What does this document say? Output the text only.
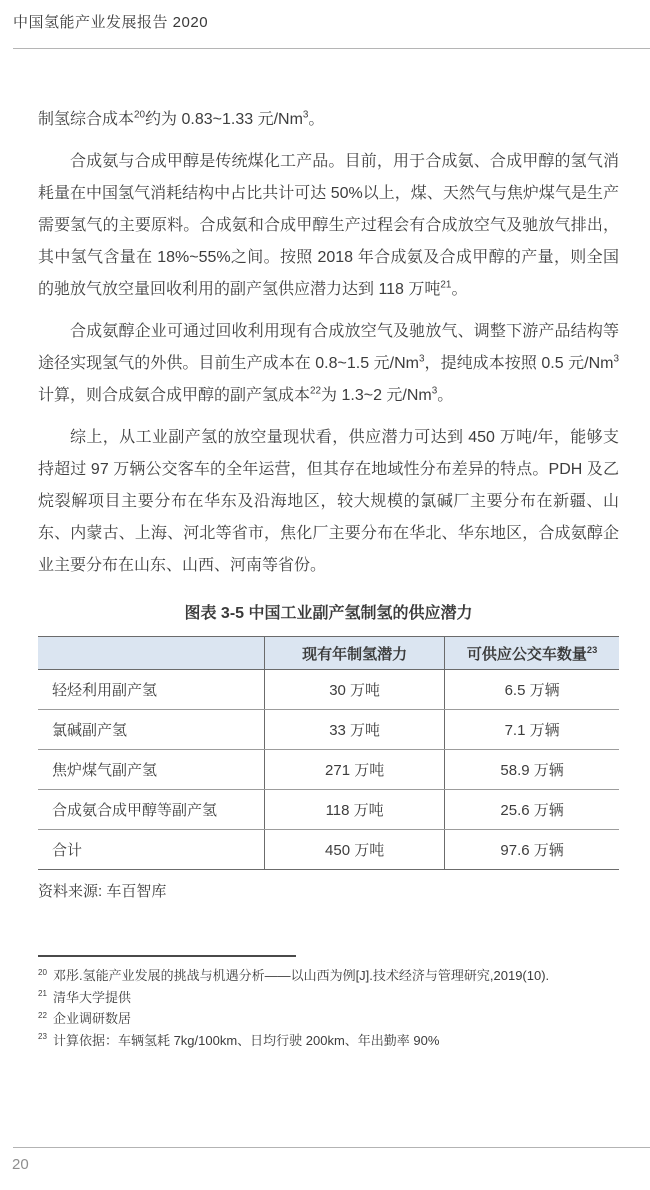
中国氢能产业发展报告 2020

制氢综合成本$^{20}$约为 0.83~1.33 元/Nm$^3$。

合成氨与合成甲醇是传统煤化工产品。目前，用于合成氨、合成甲醇的氢气消耗量在中国氢气消耗结构中占比共计可达 50%以上，煤、天然气与焦炉煤气是生产需要氢气的主要原料。合成氨和合成甲醇生产过程会有合成放空气及驰放气排出，其中氢气含量在 18%~55%之间。按照 2018 年合成氨及合成甲醇的产量，则全国的驰放气放空量回收利用的副产氢供应潜力达到 118 万吨$^{21}$。

合成氨醇企业可通过回收利用现有合成放空气及驰放气、调整下游产品结构等途径实现氢气的外供。目前生产成本在 0.8~1.5 元/Nm$^3$，提纯成本按照 0.5 元/Nm$^3$ 计算，则合成氨合成甲醇的副产氢成本$^{22}$为 1.3~2 元/Nm$^3$。

综上，从工业副产氢的放空量现状看，供应潜力可达到 450 万吨/年，能够支持超过 97 万辆公交客车的全年运营，但其存在地域性分布差异的特点。PDH 及乙烷裂解项目主要分布在华东及沿海地区，较大规模的氯碱厂主要分布在新疆、山东、内蒙古、上海、河北等省市，焦化厂主要分布在华北、华东地区，合成氨醇企业主要分布在山东、山西、河南等省份。

图表 3-5 中国工业副产氢制氢的供应潜力
	现有年制氢潜力	可供应公交车数量$^{23}$
轻烃利用副产氢	30 万吨	6.5 万辆
氯碱副产氢	33 万吨	7.1 万辆
焦炉煤气副产氢	271 万吨	58.9 万辆
合成氨合成甲醇等副产氢	118 万吨	25.6 万辆
合计	450 万吨	97.6 万辆
资料来源: 车百智库
$^{20}$ 邓彤.氢能产业发展的挑战与机遇分析——以山西为例[J].技术经济与管理研究,2019(10).
$^{21}$ 清华大学提供
$^{22}$ 企业调研数居
$^{23}$ 计算依据：车辆氢耗 7kg/100km、日均行驶 200km、年出勤率 90%
20
